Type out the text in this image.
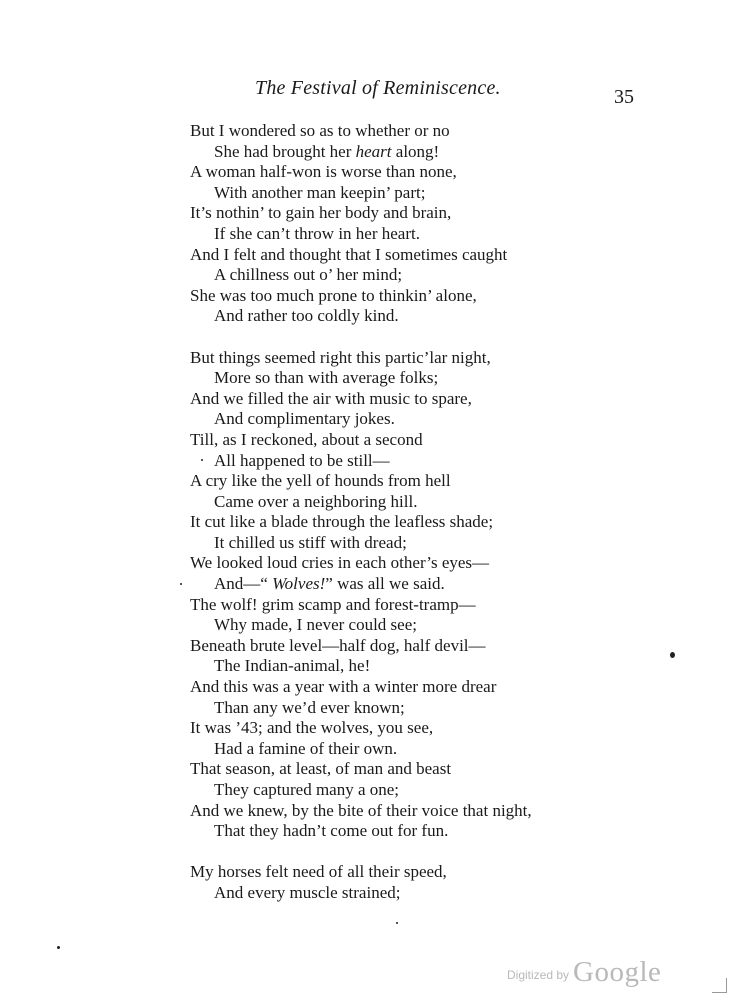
The Festival of Reminiscence.	35
But I wondered so as to whether or no
She had brought her heart along!
A woman half-won is worse than none,
With another man keepin’ part;
It’s nothin’ to gain her body and brain,
If she can’t throw in her heart.
And I felt and thought that I sometimes caught
A chillness out o’ her mind;
She was too much prone to thinkin’ alone,
And rather too coldly kind.
But things seemed right this partic’lar night,
More so than with average folks;
And we filled the air with music to spare,
And complimentary jokes.
Till, as I reckoned, about a second
All happened to be still—
A cry like the yell of hounds from hell
Came over a neighboring hill.
It cut like a blade through the leafless shade;
It chilled us stiff with dread;
We looked loud cries in each other’s eyes—
And—“ Wolves!” was all we said.
The wolf! grim scamp and forest-tramp—
Why made, I never could see;
Beneath brute level—half dog, half devil—
The Indian-animal, he!
And this was a year with a winter more drear
Than any we’d ever known;
It was ’43; and the wolves, you see,
Had a famine of their own.
That season, at least, of man and beast
They captured many a one;
And we knew, by the bite of their voice that night,
That they hadn’t come out for fun.
My horses felt need of all their speed,
And every muscle strained;
Digitized by Google
